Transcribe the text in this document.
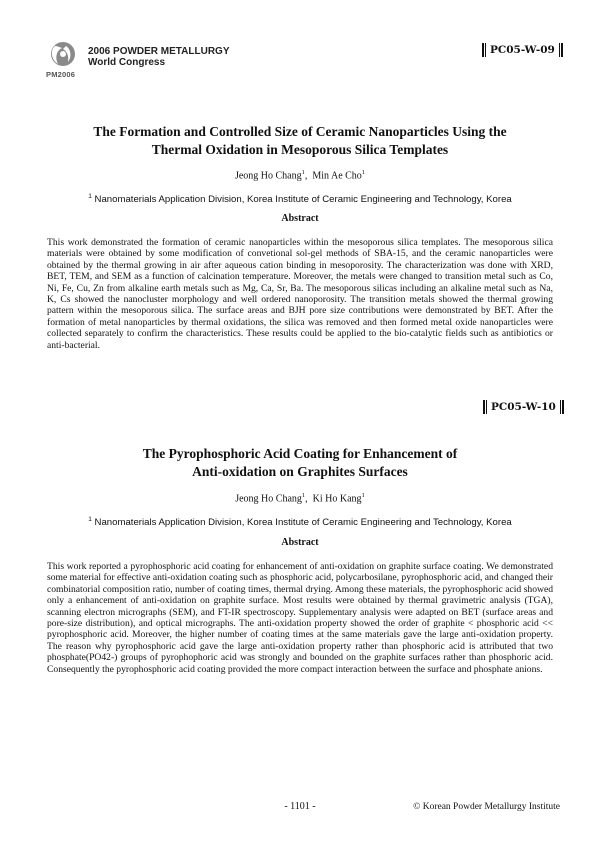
PM2006
2006 POWDER METALLURGY
World Congress
PC05-W-09
The Formation and Controlled Size of Ceramic Nanoparticles Using the
Thermal Oxidation in Mesoporous Silica Templates
Jeong Ho Chang$^1$,  Min Ae Cho$^1$
$^1$ Nanomaterials Application Division, Korea Institute of Ceramic Engineering and Technology, Korea
Abstract
This work demonstrated the formation of ceramic nanoparticles within the mesoporous silica templates. The mesoporous silica materials were obtained by some modification of convetional sol-gel methods of SBA-15, and the ceramic nanoparticles were obtained by the thermal growing in air after aqueous cation binding in mesoporosity. The characterization was done with XRD, BET, TEM, and SEM as a function of calcination temperature. Moreover, the metals were changed to transition metal such as Co, Ni, Fe, Cu, Zn from alkaline earth metals such as Mg, Ca, Sr, Ba. The mesoporous silicas including an alkaline metal such as Na, K, Cs showed the nanocluster morphology and well ordered nanoporosity. The transition metals showed the thermal growing pattern within the mesoporous silica. The surface areas and BJH pore size contributions were demonstrated by BET. After the formation of metal nanoparticles by thermal oxidations, the silica was removed and then formed metal oxide nanoparticles were collected separately to confirm the characteristics. These results could be applied to the bio-catalytic fields such as antibiotics or anti-bacterial.
PC05-W-10
The Pyrophosphoric Acid Coating for Enhancement of
Anti-oxidation on Graphites Surfaces
Jeong Ho Chang$^1$,  Ki Ho Kang$^1$
$^1$ Nanomaterials Application Division, Korea Institute of Ceramic Engineering and Technology, Korea
Abstract
This work reported a pyrophosphoric acid coating for enhancement of anti-oxidation on graphite surface coating. We demonstrated some material for effective anti-oxidation coating such as phosphoric acid, polycarbosilane, pyrophosphoric acid, and changed their combinatorial composition ratio, number of coating times, thermal drying. Among these materials, the pyrophosphoric acid showed only a enhancement of anti-oxidation on graphite surface. Most results were obtained by thermal gravimetric analysis (TGA), scanning electron micrographs (SEM), and FT-IR spectroscopy. Supplementary analysis were adapted on BET (surface areas and pore-size distribution), and optical micrographs. The anti-oxidation property showed the order of graphite < phosphoric acid << pyrophosphoric acid. Moreover, the higher number of coating times at the same materials gave the large anti-oxidation property. The reason why pyrophosphoric acid gave the large anti-oxidation property rather than phosphoric acid is attributed that two phosphate(PO42-) groups of pyrophophoric acid was strongly and bounded on the graphite surfaces rather than phosphoric acid. Consequently the pyrophosphoric acid coating provided the more compact interaction between the surface and phosphate anions.
- 1101 -	© Korean Powder Metallurgy Institute
